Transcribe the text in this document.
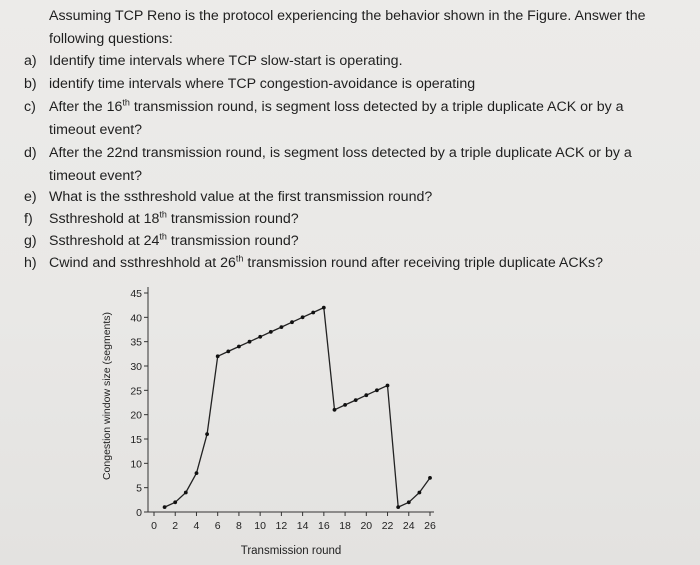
Assuming TCP Reno is the protocol experiencing the behavior shown in the Figure. Answer the following questions:
a) Identify time intervals where TCP slow-start is operating.
b) identify time intervals where TCP congestion-avoidance is operating
c) After the 16th transmission round, is segment loss detected by a triple duplicate ACK or by a timeout event?
d) After the 22nd transmission round, is segment loss detected by a triple duplicate ACK or by a timeout event?
e) What is the ssthreshold value at the first transmission round?
f)	Ssthreshold at 18th transmission round?
g) Ssthreshold at 24th transmission round?
h) Cwind and ssthreshhold at 26th transmission round after receiving triple duplicate ACKs?
0
5
10
15
20
25
30
35
40
45
0 2 4 6 8 10 12 14 16 18 20 22 24 26
Transmission round
Congestion window size (segments)
